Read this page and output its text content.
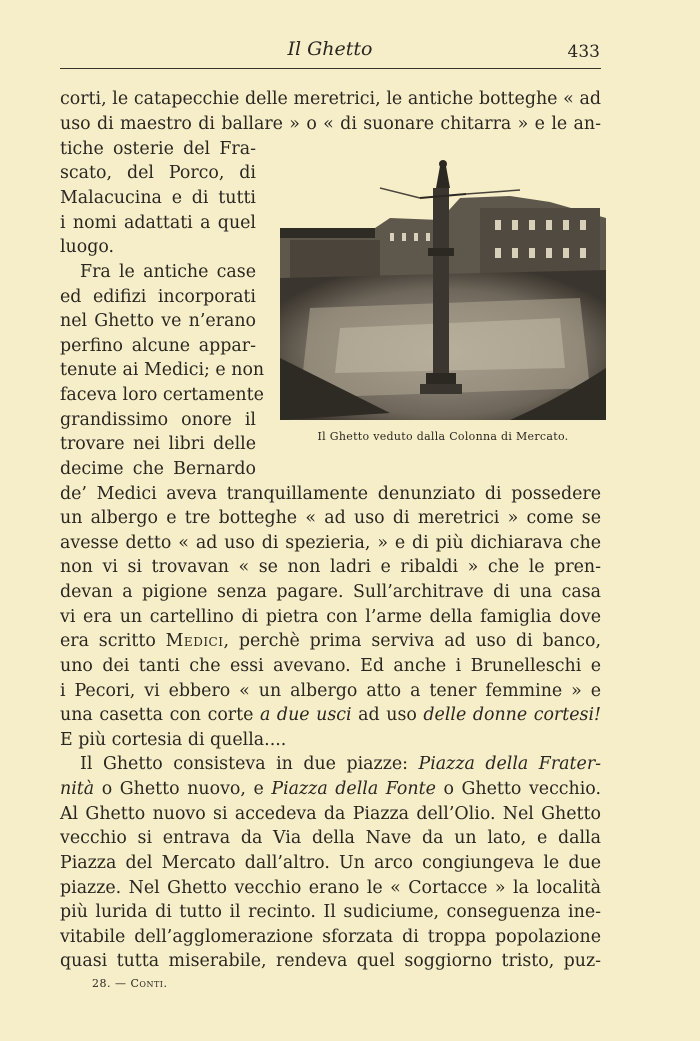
Il Ghetto	433
corti, le catapecchie delle meretrici, le antiche botteghe « ad
uso di maestro di ballare » o « di suonare chitarra » e le an-
tiche osterie del Fra-
scato, del Porco, di
Malacucina e di tutti
i nomi adattati a quel
luogo.
Fra le antiche case
ed edifizi incorporati
nel Ghetto ve n’erano
perfino alcune appar-
tenute ai Medici; e non
faceva loro certamente
grandissimo onore il
trovare nei libri delle
decime che Bernardo
de’ Medici aveva tranquillamente denunziato di possedere
un albergo e tre botteghe « ad uso di meretrici » come se
avesse detto « ad uso di spezieria, » e di più dichiarava che
non vi si trovavan « se non ladri e ribaldi » che le pren-
devan a pigione senza pagare. Sull’architrave di una casa
vi era un cartellino di pietra con l’arme della famiglia dove
era scritto Medici, perchè prima serviva ad uso di banco,
uno dei tanti che essi avevano. Ed anche i Brunelleschi e
i Pecori, vi ebbero « un albergo atto a tener femmine » e
una casetta con corte a due usci ad uso delle donne cortesi!
E più cortesia di quella....
Il Ghetto consisteva in due piazze: Piazza della Frater-
nità o Ghetto nuovo, e Piazza della Fonte o Ghetto vecchio.
Al Ghetto nuovo si accedeva da Piazza dell’Olio. Nel Ghetto
vecchio si entrava da Via della Nave da un lato, e dalla
Piazza del Mercato dall’altro. Un arco congiungeva le due
piazze. Nel Ghetto vecchio erano le « Cortacce » la località
più lurida di tutto il recinto. Il sudiciume, conseguenza ine-
vitabile dell’agglomerazione sforzata di troppa popolazione
quasi tutta miserabile, rendeva quel soggiorno tristo, puz-
Il Ghetto veduto dalla Colonna di Mercato.
28. — Conti.
